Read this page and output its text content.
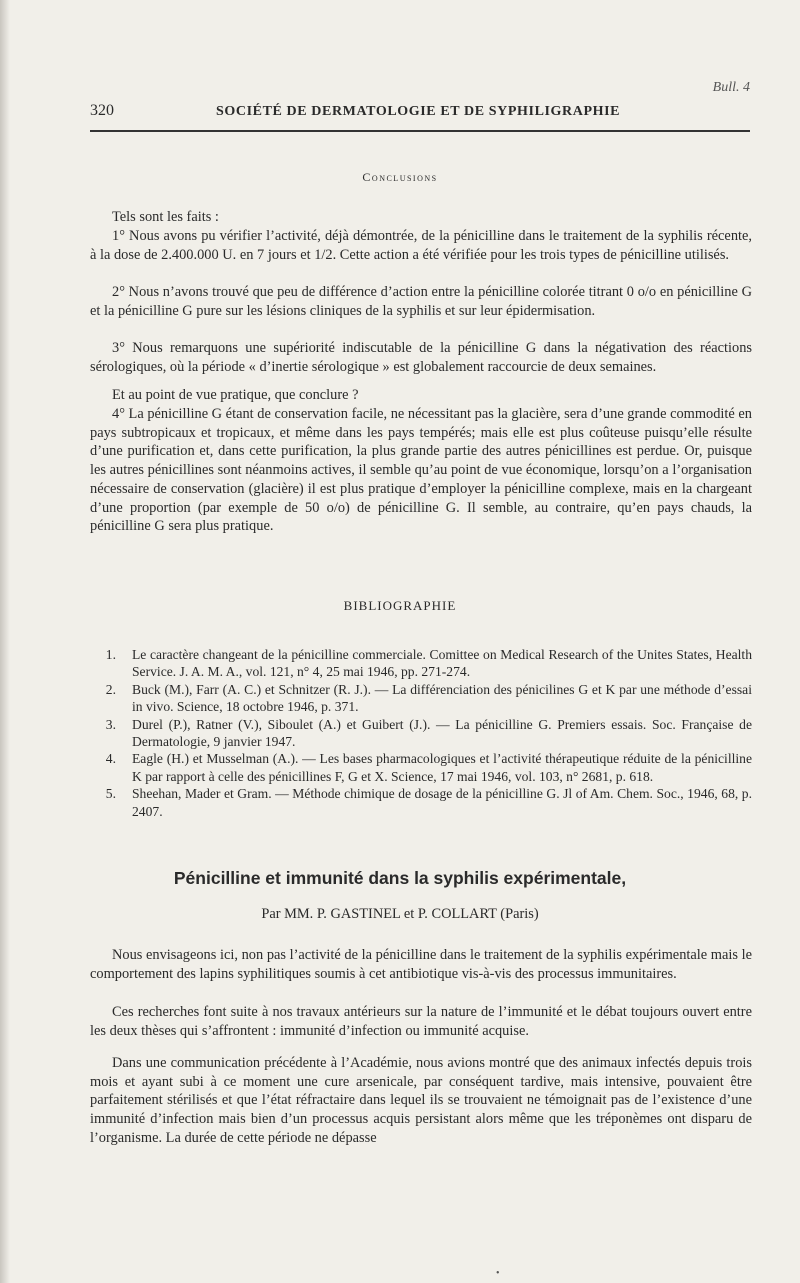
Bull. 4
320	SOCIÉTÉ DE DERMATOLOGIE ET DE SYPHILIGRAPHIE
Conclusions

Tels sont les faits :

1° Nous avons pu vérifier l’activité, déjà démontrée, de la pénicilline dans le traitement de la syphilis récente, à la dose de 2.400.000 U. en 7 jours et 1/2. Cette action a été vérifiée pour les trois types de pénicilline utilisés.

2° Nous n’avons trouvé que peu de différence d’action entre la pénicilline colorée titrant 0 o/o en pénicilline G et la pénicilline G pure sur les lésions cliniques de la syphilis et sur leur épidermisation.

3° Nous remarquons une supériorité indiscutable de la pénicilline G dans la négativation des réactions sérologiques, où la période « d’inertie sérologique » est globalement raccourcie de deux semaines.

Et au point de vue pratique, que conclure ?

4° La pénicilline G étant de conservation facile, ne nécessitant pas la glacière, sera d’une grande commodité en pays subtropicaux et tropicaux, et même dans les pays tempérés; mais elle est plus coûteuse puisqu’elle résulte d’une purification et, dans cette purification, la plus grande partie des autres pénicillines est perdue. Or, puisque les autres pénicillines sont néanmoins actives, il semble qu’au point de vue économique, lorsqu’on a l’organisation nécessaire de conservation (glacière) il est plus pratique d’employer la pénicilline complexe, mais en la chargeant d’une proportion (par exemple de 50 o/o) de pénicilline G. Il semble, au contraire, qu’en pays chauds, la pénicilline G sera plus pratique.

BIBLIOGRAPHIE
1. Le caractère changeant de la pénicilline commerciale. Comittee on Medical Research of the Unites States, Health Service. J. A. M. A., vol. 121, n° 4, 25 mai 1946, pp. 271-274.
2. Buck (M.), Farr (A. C.) et Schnitzer (R. J.). — La différenciation des pénicilines G et K par une méthode d’essai in vivo. Science, 18 octobre 1946, p. 371.
3. Durel (P.), Ratner (V.), Siboulet (A.) et Guibert (J.). — La pénicilline G. Premiers essais. Soc. Française de Dermatologie, 9 janvier 1947.
4. Eagle (H.) et Musselman (A.). — Les bases pharmacologiques et l’activité thérapeutique réduite de la pénicilline K par rapport à celle des pénicillines F, G et X. Science, 17 mai 1946, vol. 103, n° 2681, p. 618.
5. Sheehan, Mader et Gram. — Méthode chimique de dosage de la pénicilline G. Jl of Am. Chem. Soc., 1946, 68, p. 2407.
Pénicilline et immunité dans la syphilis expérimentale,
Par MM. P. GASTINEL et P. COLLART (Paris)

Nous envisageons ici, non pas l’activité de la pénicilline dans le traitement de la syphilis expérimentale mais le comportement des lapins syphilitiques soumis à cet antibiotique vis-à-vis des processus immunitaires.

Ces recherches font suite à nos travaux antérieurs sur la nature de l’immunité et le débat toujours ouvert entre les deux thèses qui s’affrontent : immunité d’infection ou immunité acquise.

Dans une communication précédente à l’Académie, nous avions montré que des animaux infectés depuis trois mois et ayant subi à ce moment une cure arsenicale, par conséquent tardive, mais intensive, pouvaient être parfaitement stérilisés et que l’état réfractaire dans lequel ils se trouvaient ne témoignait pas de l’existence d’une immunité d’infection mais bien d’un processus acquis persistant alors même que les tréponèmes ont disparu de l’organisme. La durée de cette période ne dépasse

•
